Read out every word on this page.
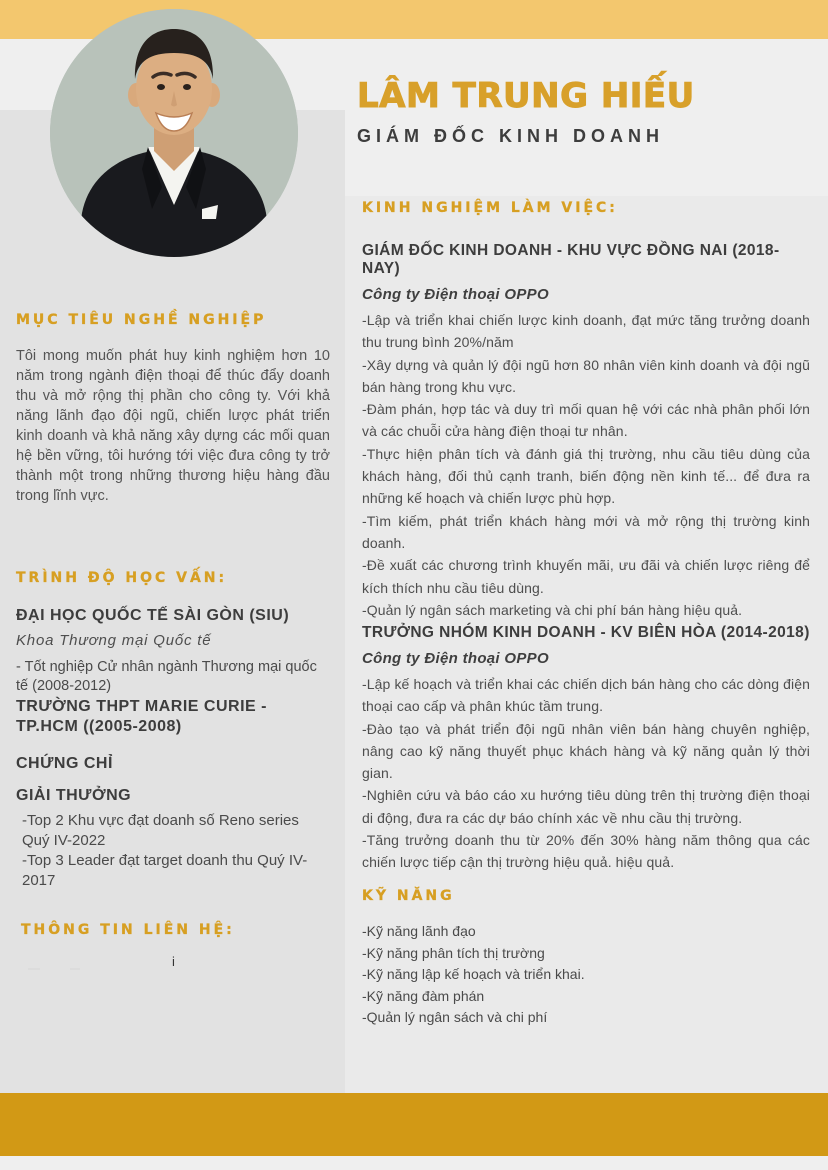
LÂM TRUNG HIẾU
GIÁM ĐỐC KINH DOANH
MỤC TIÊU NGHỀ NGHIỆP

Tôi mong muốn phát huy kinh nghiệm hơn 10 năm trong ngành điện thoại để thúc đẩy doanh thu và mở rộng thị phần cho công ty. Với khả năng lãnh đạo đội ngũ, chiến lược phát triển kinh doanh và khả năng xây dựng các mối quan hệ bền vững, tôi hướng tới việc đưa công ty trở thành một trong những thương hiệu hàng đầu trong lĩnh vực.

TRÌNH ĐỘ HỌC VẤN:
ĐẠI HỌC QUỐC TẾ SÀI GÒN (SIU)
Khoa Thương mại Quốc tế
- Tốt nghiệp Cử nhân ngành Thương mại quốc tế (2008-2012)
TRƯỜNG THPT MARIE CURIE - TP.HCM ((2005-2008)
CHỨNG CHỈ
GIẢI THƯỞNG
-Top 2 Khu vực đạt doanh số Reno series Quý IV-2022
-Top 3 Leader đạt target doanh thu Quý IV-2017
THÔNG TIN LIÊN HỆ:
i
KINH NGHIỆM LÀM VIỆC:
GIÁM ĐỐC KINH DOANH - KHU VỰC ĐỒNG NAI (2018-NAY)
Công ty Điện thoại OPPO

-Lập và triển khai chiến lược kinh doanh, đạt mức tăng trưởng doanh thu trung bình 20%/năm

-Xây dựng và quản lý đội ngũ hơn 80 nhân viên kinh doanh và đội ngũ bán hàng trong khu vực.

-Đàm phán, hợp tác và duy trì mối quan hệ với các nhà phân phối lớn và các chuỗi cửa hàng điện thoại tư nhân.

-Thực hiện phân tích và đánh giá thị trường, nhu cầu tiêu dùng của khách hàng, đối thủ cạnh tranh, biến động nền kinh tế... để đưa ra những kế hoạch và chiến lược phù hợp.

-Tìm kiếm, phát triển khách hàng mới và mở rộng thị trường kinh doanh.

-Đề xuất các chương trình khuyến mãi, ưu đãi và chiến lược riêng để kích thích nhu cầu tiêu dùng.

-Quản lý ngân sách marketing và chi phí bán hàng hiệu quả.

TRƯỞNG NHÓM KINH DOANH - KV BIÊN HÒA (2014-2018)
Công ty Điện thoại OPPO

-Lập kế hoạch và triển khai các chiến dịch bán hàng cho các dòng điện thoại cao cấp và phân khúc tầm trung.

-Đào tạo và phát triển đội ngũ nhân viên bán hàng chuyên nghiệp, nâng cao kỹ năng thuyết phục khách hàng và kỹ năng quản lý thời gian.

-Nghiên cứu và báo cáo xu hướng tiêu dùng trên thị trường điện thoại di động, đưa ra các dự báo chính xác về nhu cầu thị trường.

-Tăng trưởng doanh thu từ 20% đến 30% hàng năm thông qua các chiến lược tiếp cận thị trường hiệu quả. hiệu quả.

KỸ NĂNG
-Kỹ năng lãnh đạo
-Kỹ năng phân tích thị trường
-Kỹ năng lập kế hoạch và triển khai.
-Kỹ năng đàm phán
-Quản lý ngân sách và chi phí
